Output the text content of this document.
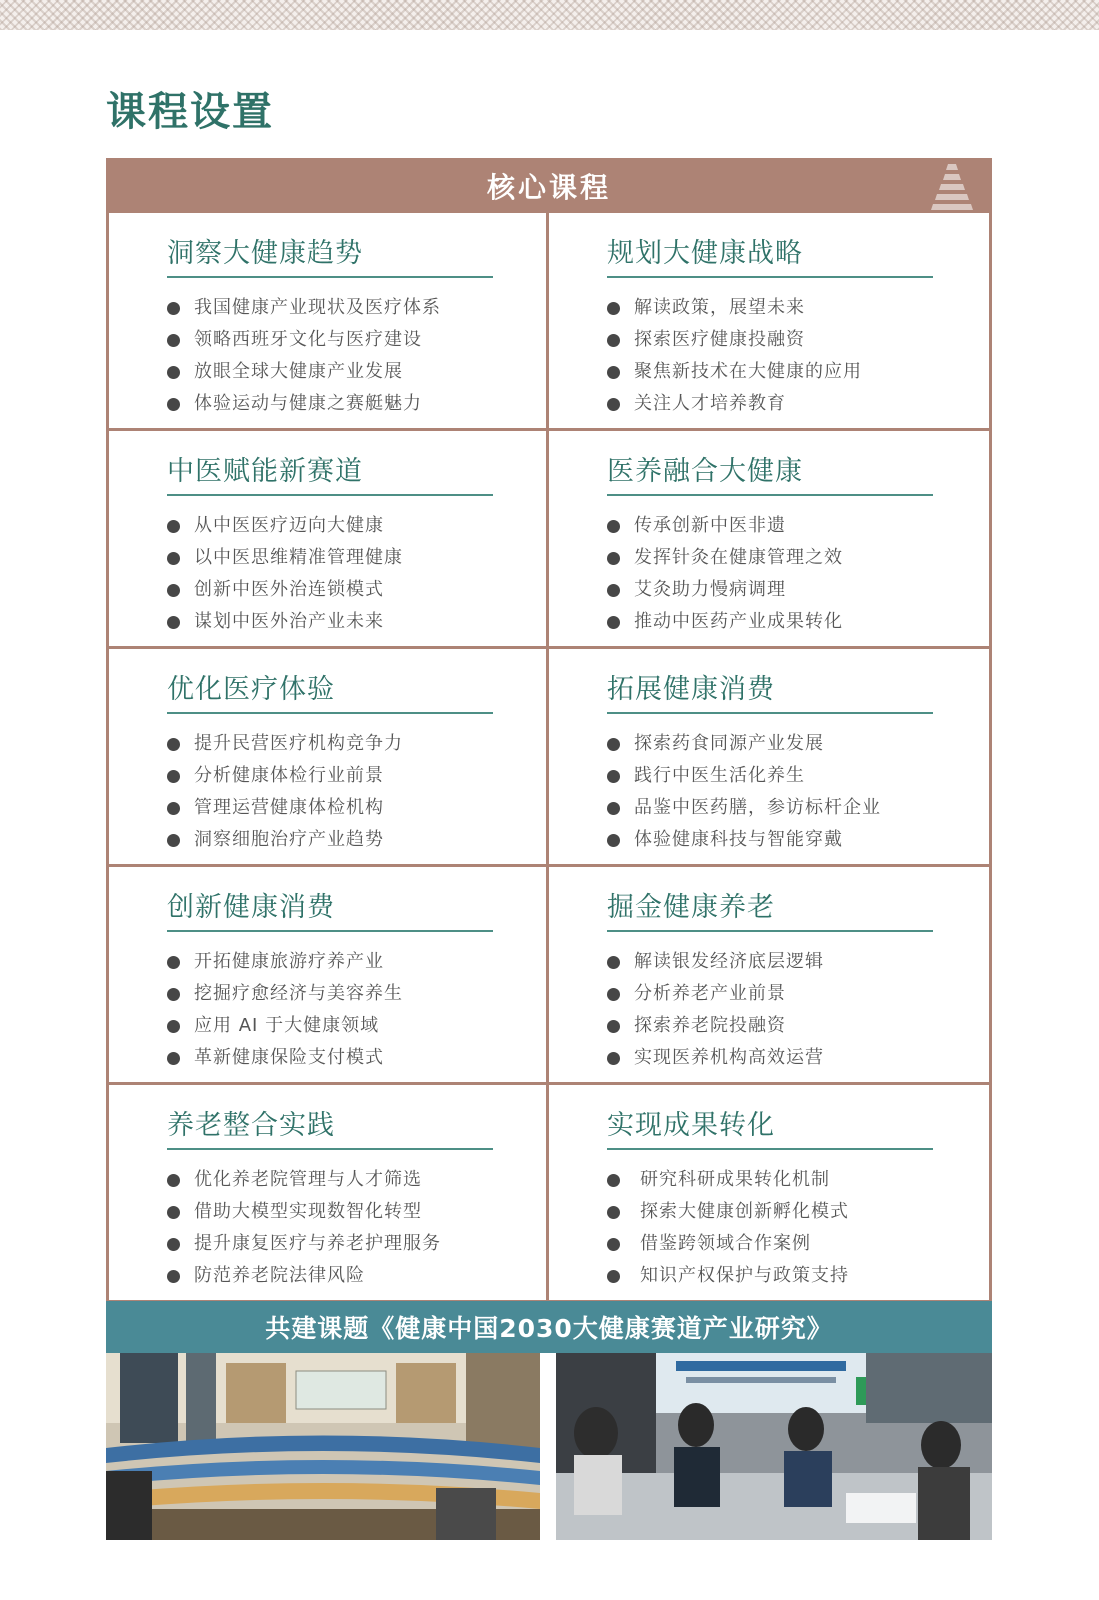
课程设置
核心课程
洞察大健康趋势
我国健康产业现状及医疗体系
领略西班牙文化与医疗建设
放眼全球大健康产业发展
体验运动与健康之赛艇魅力
规划大健康战略
解读政策，展望未来
探索医疗健康投融资
聚焦新技术在大健康的应用
关注人才培养教育
中医赋能新赛道
从中医医疗迈向大健康
以中医思维精准管理健康
创新中医外治连锁模式
谋划中医外治产业未来
医养融合大健康
传承创新中医非遗
发挥针灸在健康管理之效
艾灸助力慢病调理
推动中医药产业成果转化
优化医疗体验
提升民营医疗机构竞争力
分析健康体检行业前景
管理运营健康体检机构
洞察细胞治疗产业趋势
拓展健康消费
探索药食同源产业发展
践行中医生活化养生
品鉴中医药膳，参访标杆企业
体验健康科技与智能穿戴
创新健康消费
开拓健康旅游疗养产业
挖掘疗愈经济与美容养生
应用 AI 于大健康领域
革新健康保险支付模式
掘金健康养老
解读银发经济底层逻辑
分析养老产业前景
探索养老院投融资
实现医养机构高效运营
养老整合实践
优化养老院管理与人才筛选
借助大模型实现数智化转型
提升康复医疗与养老护理服务
防范养老院法律风险
实现成果转化
研究科研成果转化机制
探索大健康创新孵化模式
借鉴跨领域合作案例
知识产权保护与政策支持
共建课题《健康中国2030大健康赛道产业研究》
